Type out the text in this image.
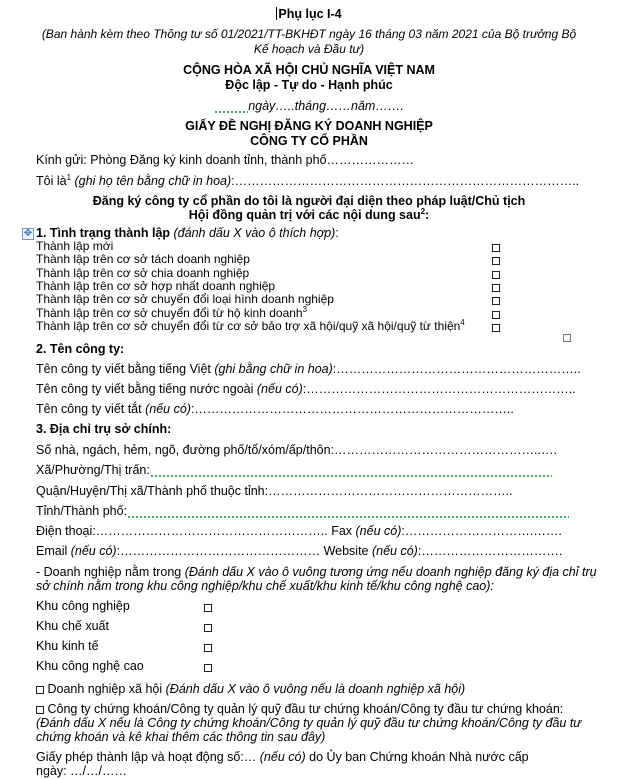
Phụ lục I-4
(Ban hành kèm theo Thông tư số 01/2021/TT-BKHĐT ngày 16 tháng 03 năm 2021 của Bộ trưởng Bộ
Kế hoạch và Đầu tư)
CỘNG HÒA XÃ HỘI CHỦ NGHĨA VIỆT NAM
Độc lập - Tự do - Hạnh phúc
ngày…..tháng……năm…….
GIẤY ĐỀ NGHỊ ĐĂNG KÝ DOANH NGHIỆP
CÔNG TY CỔ PHẦN
Kính gửi: Phòng Đăng ký kinh doanh tỉnh, thành phố…………………
Tôi $là^1$ (ghi họ tên bằng chữ in hoa):………………………………………………………………………..
Đăng ký công ty cổ phần do tôi là người đại diện theo pháp luật/Chủ tịch
Hội đồng quản trị với các nội dung sau$^2$:
✥ 1. Tình trạng thành lập (đánh dấu X vào ô thích hợp):
Thành lập mới
Thành lập trên cơ sở tách doanh nghiệp
Thành lập trên cơ sở chia doanh nghiệp
Thành lập trên cơ sở hợp nhất doanh nghiệp
Thành lập trên cơ sở chuyển đổi loại hình doanh nghiệp
Thành lập trên cơ sở chuyển đổi từ hộ kinh doanh$^3$
Thành lập trên cơ sở chuyển đổi từ cơ sở bảo trợ xã hội/quỹ xã hội/quỹ từ thiện$^4$
2. Tên công ty:
Tên công ty viết bằng tiếng Việt (ghi bằng chữ in hoa):…………………………………………………..
Tên công ty viết bằng tiếng nước ngoài (nếu có):………………………………………………………..
Tên công ty viết tắt (nếu có):…………………………………………………………………..
3. Địa chỉ trụ sở chính:
Số nhà, ngách, hẻm, ngõ, đường phố/tổ/xóm/ấp/thôn:…………………………………………..….
Xã/Phường/Thị trấn:
Quận/Huyện/Thị xã/Thành phố thuộc tỉnh:…………………………………………………..
Tỉnh/Thành phố:
Điện thoại:……………………………………………….. Fax (nếu có):………………………….…….
Email (nếu có):………………………………………… Website (nếu có):…………………………….
- Doanh nghiệp nằm trong (Đánh dấu X vào ô vuông tương ứng nếu doanh nghiệp đăng ký địa chỉ trụ
sở chính nằm trong khu công nghiệp/khu chế xuất/khu kinh tế/khu công nghệ cao):
Khu công nghiệp
Khu chế xuất
Khu kinh tế
Khu công nghệ cao
Doanh nghiệp xã hội (Đánh dấu X vào ô vuông nếu là doanh nghiệp xã hội)
Công ty chứng khoán/Công ty quản lý quỹ đầu tư chứng khoán/Công ty đầu tư chứng khoán:
(Đánh dấu X nếu là Công ty chứng khoán/Công ty quản lý quỹ đầu tư chứng khoán/Công ty đầu tư
chứng khoán và kê khai thêm các thông tin sau đây)
Giấy phép thành lập và hoạt động số:… (nếu có) do Ủy ban Chứng khoán Nhà nước cấp
ngày: …/…/……
